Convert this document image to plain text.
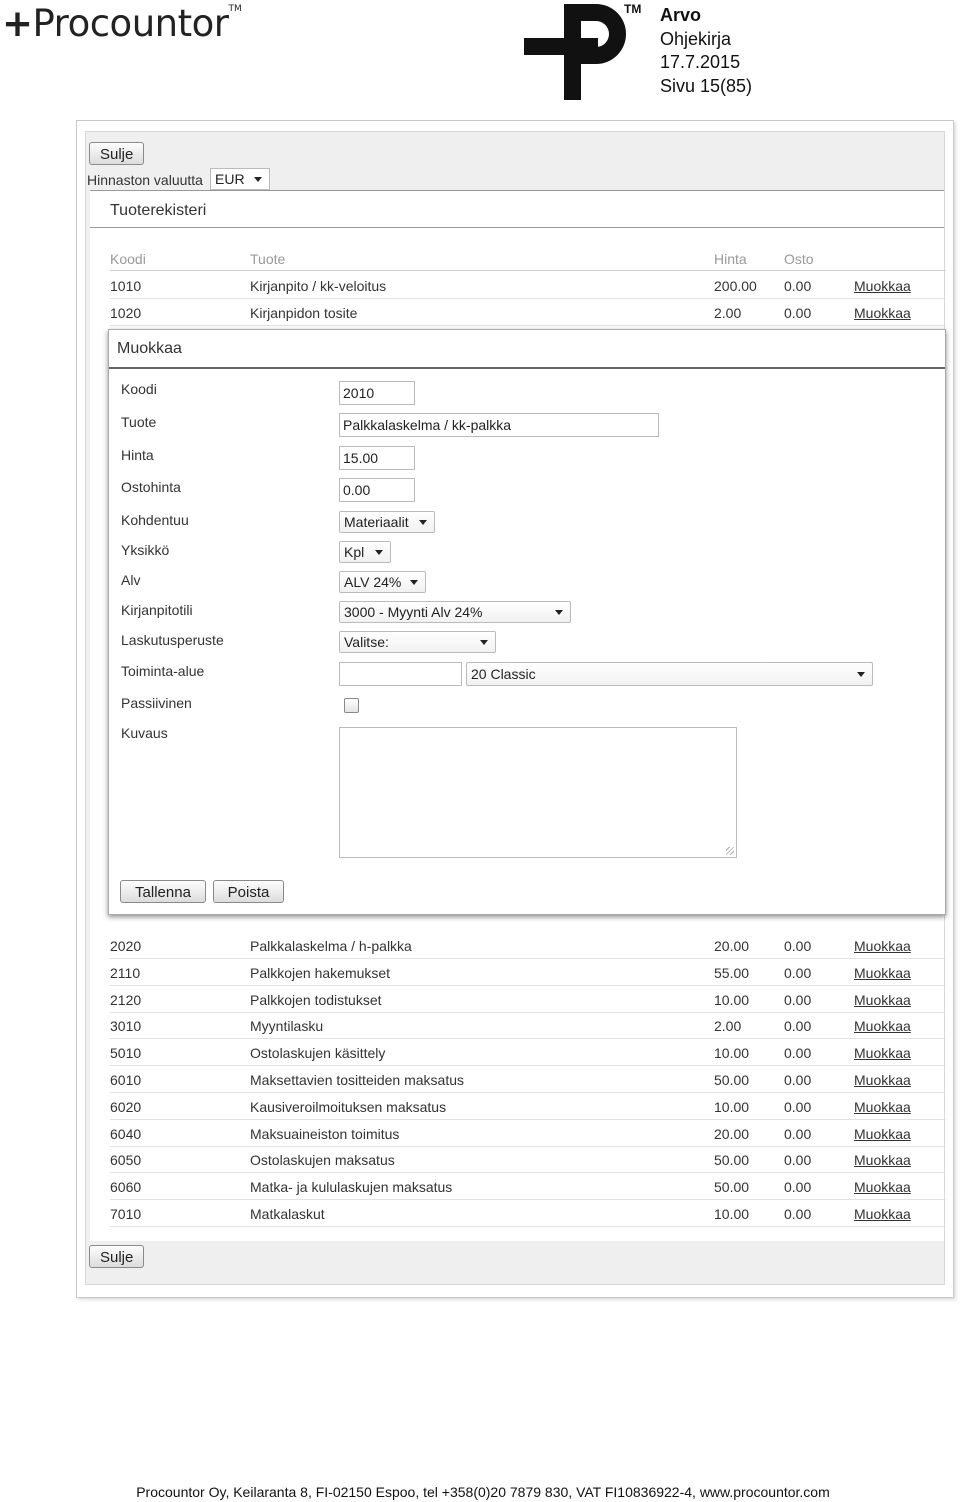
+Procountor™	TM Arvo
Ohjekirja
17.7.2015
Sivu 15(85)
Sulje
Hinnaston valuutta EUR
Tuoterekisteri
Koodi	Tuote	Hinta	Osto
1010	Kirjanpito / kk-veloitus	200.00 0.00	Muokkaa
1020	Kirjanpidon tosite	2.00	0.00	Muokkaa
2020	Palkkalaskelma / h-palkka	20.00 0.00	Muokkaa
2110	Palkkojen hakemukset	55.00 0.00	Muokkaa
2120	Palkkojen todistukset	10.00 0.00	Muokkaa
3010	Myyntilasku	2.00	0.00	Muokkaa
5010	Ostolaskujen käsittely	10.00 0.00	Muokkaa
6010	Maksettavien tositteiden maksatus	50.00 0.00	Muokkaa
6020	Kausiveroilmoituksen maksatus	10.00 0.00	Muokkaa
6040	Maksuaineiston toimitus	20.00 0.00	Muokkaa
6050	Ostolaskujen maksatus	50.00 0.00	Muokkaa
6060	Matka- ja kululaskujen maksatus	50.00 0.00	Muokkaa
7010	Matkalaskut	10.00 0.00	Muokkaa
Muokkaa
Koodi	2010
Tuote	Palkkalaskelma / kk-palkka
Hinta	15.00
Ostohinta	0.00
Kohdentuu	Materiaalit
Yksikkö	Kpl
Alv	ALV 24%
Kirjanpitotili	3000 - Myynti Alv 24%
Laskutusperuste	Valitse:
Toiminta-alue	20 Classic
Passiivinen
Kuvaus
Tallenna	Poista
Sulje
Procountor Oy, Keilaranta 8, FI-02150 Espoo, tel +358(0)20 7879 830, VAT FI10836922-4, www.procountor.com
